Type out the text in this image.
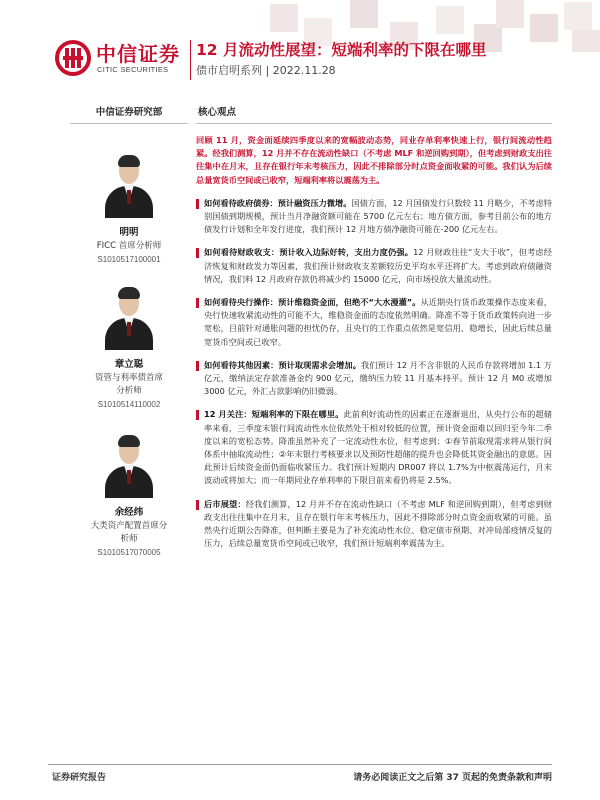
中信证券
CITIC SECURITIES
12 月流动性展望：短端利率的下限在哪里
债市启明系列 | 2022.11.28
中信证券研究部
明明
FICC 首席分析师
S1010517100001
章立聪
资管与利率债首席分析师
S1010514110002
余经纬
大类资产配置首席分析师
S1010517070005
核心观点
回顾 11 月，资金面延续四季度以来的宽幅波动态势，同业存单利率快速上行，银行间流动性趋紧。经我们测算，12 月并不存在流动性缺口（不考虑 MLF 和逆回购到期），但考虑到财政支出往往集中在月末，且存在银行年末考核压力，因此不排除部分时点资金面收紧的可能。我们认为后续总量宽货币空间或已收窄，短端利率将以震荡为主。
如何看待政府债券：预计融资压力微增。国债方面，12 月国债发行只数较 11 月略少，不考虑特别国债到期规模，预计当月净融资额可能在 5700 亿元左右；地方债方面，参考目前公布的地方债发行计划和全年发行进度，我们预计 12 月地方债净融资可能在-200 亿元左右。
如何看待财政收支：预计收入边际好转，支出力度仍强。12 月财政往往“支大于收”，但考虑经济恢复和财政发力等因素，我们预计财政收支差额较历史平均水平还将扩大。考虑到政府债融资情况，我们料 12 月政府存款仍将减少约 15000 亿元，向市场投放大量流动性。
如何看待央行操作：预计维稳资金面，但绝不“大水漫灌”。从近期央行货币政策操作态度来看，央行快速收紧流动性的可能不大，维稳资金面的态度依然明确。降准不等于货币政策转向进一步宽松，目前针对通胀问题的担忧仍存，且央行的工作重点依然是宽信用、稳增长，因此后续总量宽货币空间或已收窄。
如何看待其他因素：预计取现需求会增加。我们预计 12 月不含非银的人民币存款将增加 1.1 万亿元，缴纳法定存款准备金约 900 亿元，缴纳压力较 11 月基本持平。预计 12 月 M0 或增加 3000 亿元，外汇占款影响仍旧微弱。
12 月关注：短端利率的下限在哪里。此前利好流动性的因素正在逐渐退出，从央行公布的超储率来看，三季度末银行间流动性水位依然处于相对较低的位置，预计资金面难以回归至今年二季度以来的宽松态势。降准虽然补充了一定流动性水位，但考虑到：①春节前取现需求将从银行间体系中抽取流动性；②年末银行考核要求以及预防性超储的提升也会降低其资金融出的意愿。因此预计后续资金面仍面临收紧压力。我们预计短期内 DR007 将以 1.7%为中枢震荡运行，月末波动或将加大；而一年期同业存单利率的下限目前来看仍将是 2.5%。
后市展望：经我们测算，12 月并不存在流动性缺口（不考虑 MLF 和逆回购到期），但考虑到财政支出往往集中在月末，且存在银行年末考核压力，因此不排除部分时点资金面收紧的可能。虽然央行近期公告降准，但判断主要是为了补充流动性水位、稳定债市预期、对冲局部疫情反复的压力，后续总量宽货币空间或已收窄，我们预计短端利率震荡为主。
证券研究报告	请务必阅读正文之后第 37 页起的免责条款和声明
